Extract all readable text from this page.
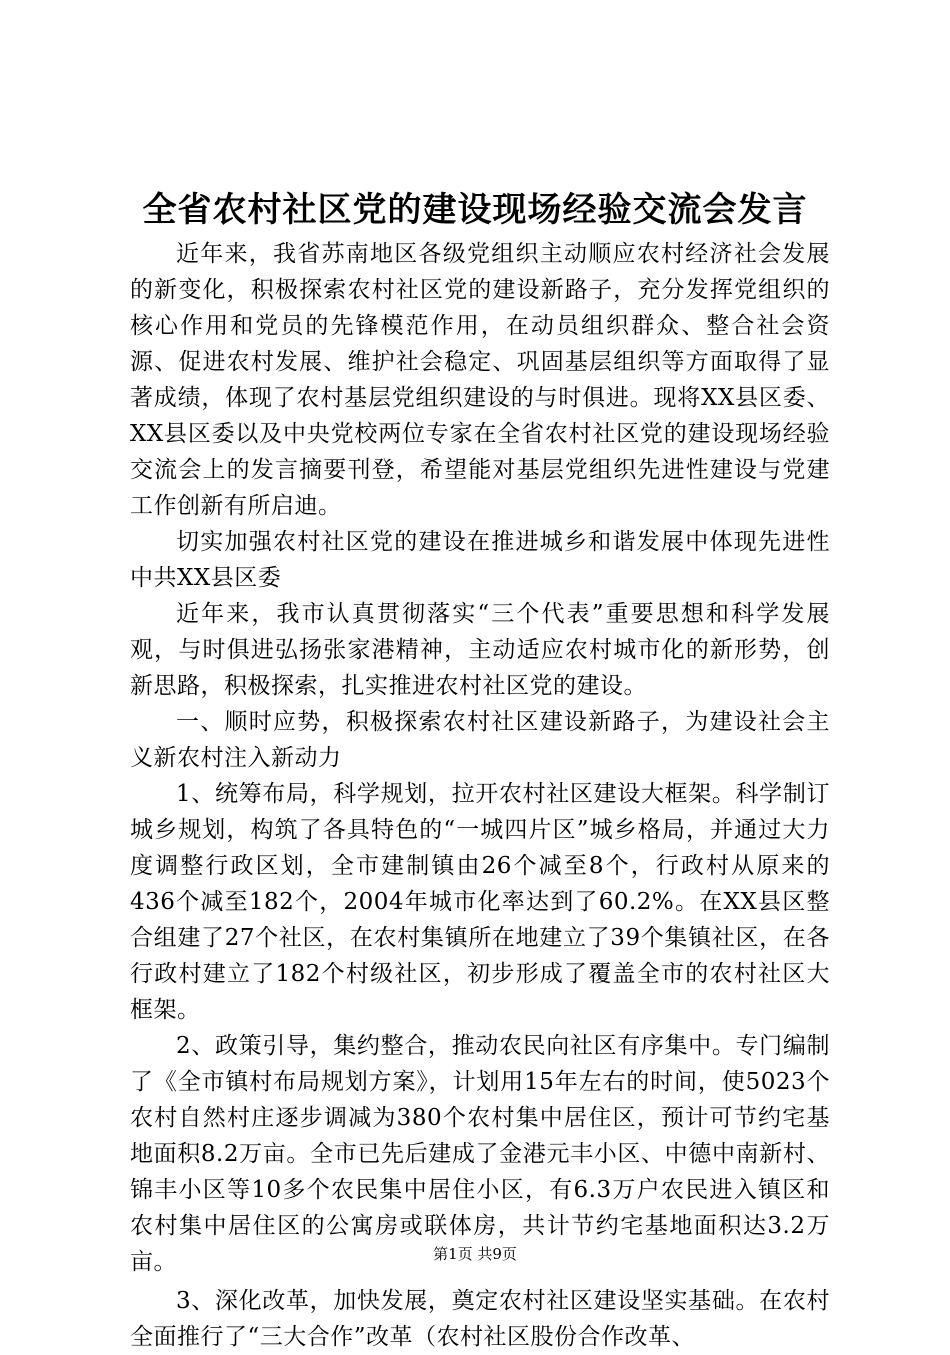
全省农村社区党的建设现场经验交流会发言

近年来，我省苏南地区各级党组织主动顺应农村经济社会发展的新变化，积极探索农村社区党的建设新路子，充分发挥党组织的核心作用和党员的先锋模范作用，在动员组织群众、整合社会资源、促进农村发展、维护社会稳定、巩固基层组织等方面取得了显著成绩，体现了农村基层党组织建设的与时俱进。现将XX县区委、XX县区委以及中央党校两位专家在全省农村社区党的建设现场经验交流会上的发言摘要刊登，希望能对基层党组织先进性建设与党建工作创新有所启迪。

切实加强农村社区党的建设在推进城乡和谐发展中体现先进性中共XX县区委

近年来，我市认真贯彻落实“三个代表”重要思想和科学发展观，与时俱进弘扬张家港精神，主动适应农村城市化的新形势，创新思路，积极探索，扎实推进农村社区党的建设。

一、顺时应势，积极探索农村社区建设新路子，为建设社会主义新农村注入新动力

1、统筹布局，科学规划，拉开农村社区建设大框架。科学制订城乡规划，构筑了各具特色的“一城四片区”城乡格局，并通过大力度调整行政区划，全市建制镇由26个减至8个，行政村从原来的436个减至182个，2004年城市化率达到了60.2%。在XX县区整合组建了27个社区，在农村集镇所在地建立了39个集镇社区，在各行政村建立了182个村级社区，初步形成了覆盖全市的农村社区大框架。

2、政策引导，集约整合，推动农民向社区有序集中。专门编制了《全市镇村布局规划方案》，计划用15年左右的时间，使5023个农村自然村庄逐步调减为380个农村集中居住区，预计可节约宅基地面积8.2万亩。全市已先后建成了金港元丰小区、中德中南新村、锦丰小区等10多个农民集中居住小区，有6.3万户农民进入镇区和农村集中居住区的公寓房或联体房，共计节约宅基地面积达3.2万亩。

3、深化改革，加快发展，奠定农村社区建设坚实基础。在农村全面推行了“三大合作”改革（农村社区股份合作改革、

第1页 共9页
